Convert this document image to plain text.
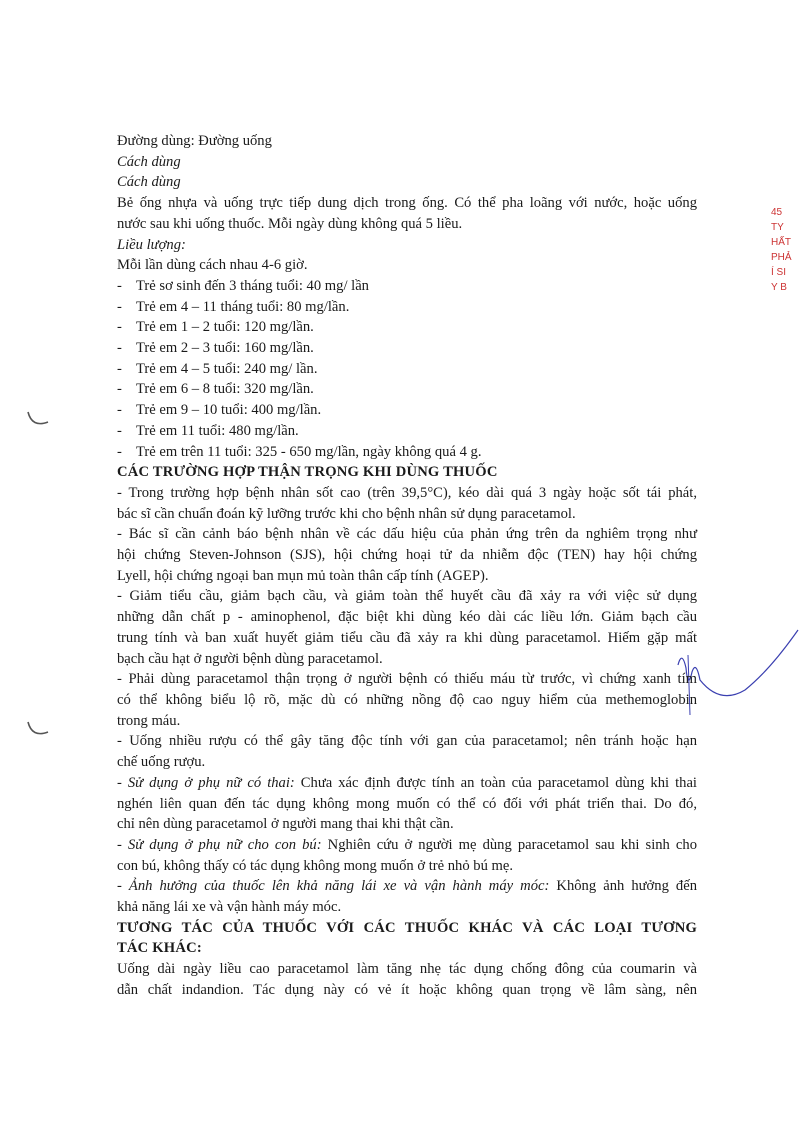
45
TY
HẤT
PHẢ
Í SI
Y B
Đường dùng: Đường uống
Cách dùng
Cách dùng
Bẻ ống nhựa và uống trực tiếp dung dịch trong ống. Có thể pha loãng với nước, hoặc uống
nước sau khi uống thuốc. Mỗi ngày dùng không quá 5 liều.
Liều lượng:
Mỗi lần dùng cách nhau 4-6 giờ.
- Trẻ sơ sinh đến 3 tháng tuổi: 40 mg/ lần
- Trẻ em 4 – 11 tháng tuổi: 80 mg/lần.
- Trẻ em 1 – 2 tuổi: 120 mg/lần.
- Trẻ em 2 – 3 tuổi: 160 mg/lần.
- Trẻ em 4 – 5 tuổi: 240 mg/ lần.
- Trẻ em 6 – 8 tuổi: 320 mg/lần.
- Trẻ em 9 – 10 tuổi: 400 mg/lần.
- Trẻ em 11 tuổi: 480 mg/lần.
- Trẻ em trên 11 tuổi: 325 - 650 mg/lần, ngày không quá 4 g.
CÁC TRƯỜNG HỢP THẬN TRỌNG KHI DÙNG THUỐC
- Trong trường hợp bệnh nhân sốt cao (trên 39,5°C), kéo dài quá 3 ngày hoặc sốt tái phát,
bác sĩ cần chuẩn đoán kỹ lưỡng trước khi cho bệnh nhân sử dụng paracetamol.
- Bác sĩ cần cảnh báo bệnh nhân về các dấu hiệu của phản ứng trên da nghiêm trọng như
hội chứng Steven-Johnson (SJS), hội chứng hoại tử da nhiễm độc (TEN) hay hội chứng
Lyell, hội chứng ngoại ban mụn mủ toàn thân cấp tính (AGEP).
- Giảm tiểu cầu, giảm bạch cầu, và giảm toàn thể huyết cầu đã xảy ra với việc sử dụng
những dẫn chất p - aminophenol, đặc biệt khi dùng kéo dài các liều lớn. Giảm bạch cầu
trung tính và ban xuất huyết giảm tiểu cầu đã xảy ra khi dùng paracetamol. Hiếm gặp mất
bạch cầu hạt ở người bệnh dùng paracetamol.
- Phải dùng paracetamol thận trọng ở người bệnh có thiếu máu từ trước, vì chứng xanh tím
có thể không biểu lộ rõ, mặc dù có những nồng độ cao nguy hiểm của methemoglobin
trong máu.
- Uống nhiều rượu có thể gây tăng độc tính với gan của paracetamol; nên tránh hoặc hạn
chế uống rượu.
- Sử dụng ở phụ nữ có thai: Chưa xác định được tính an toàn của paracetamol dùng khi thai
nghén liên quan đến tác dụng không mong muốn có thể có đối với phát triển thai. Do đó,
chỉ nên dùng paracetamol ở người mang thai khi thật cần.
- Sử dụng ở phụ nữ cho con bú: Nghiên cứu ở người mẹ dùng paracetamol sau khi sinh cho
con bú, không thấy có tác dụng không mong muốn ở trẻ nhỏ bú mẹ.
- Ảnh hưởng của thuốc lên khả năng lái xe và vận hành máy móc: Không ảnh hưởng đến
khả năng lái xe và vận hành máy móc.
TƯƠNG TÁC CỦA THUỐC VỚI CÁC THUỐC KHÁC VÀ CÁC LOẠI TƯƠNG
TÁC KHÁC:
Uống dài ngày liều cao paracetamol làm tăng nhẹ tác dụng chống đông của coumarin và
dẫn chất indandion. Tác dụng này có vẻ ít hoặc không quan trọng về lâm sàng, nên
